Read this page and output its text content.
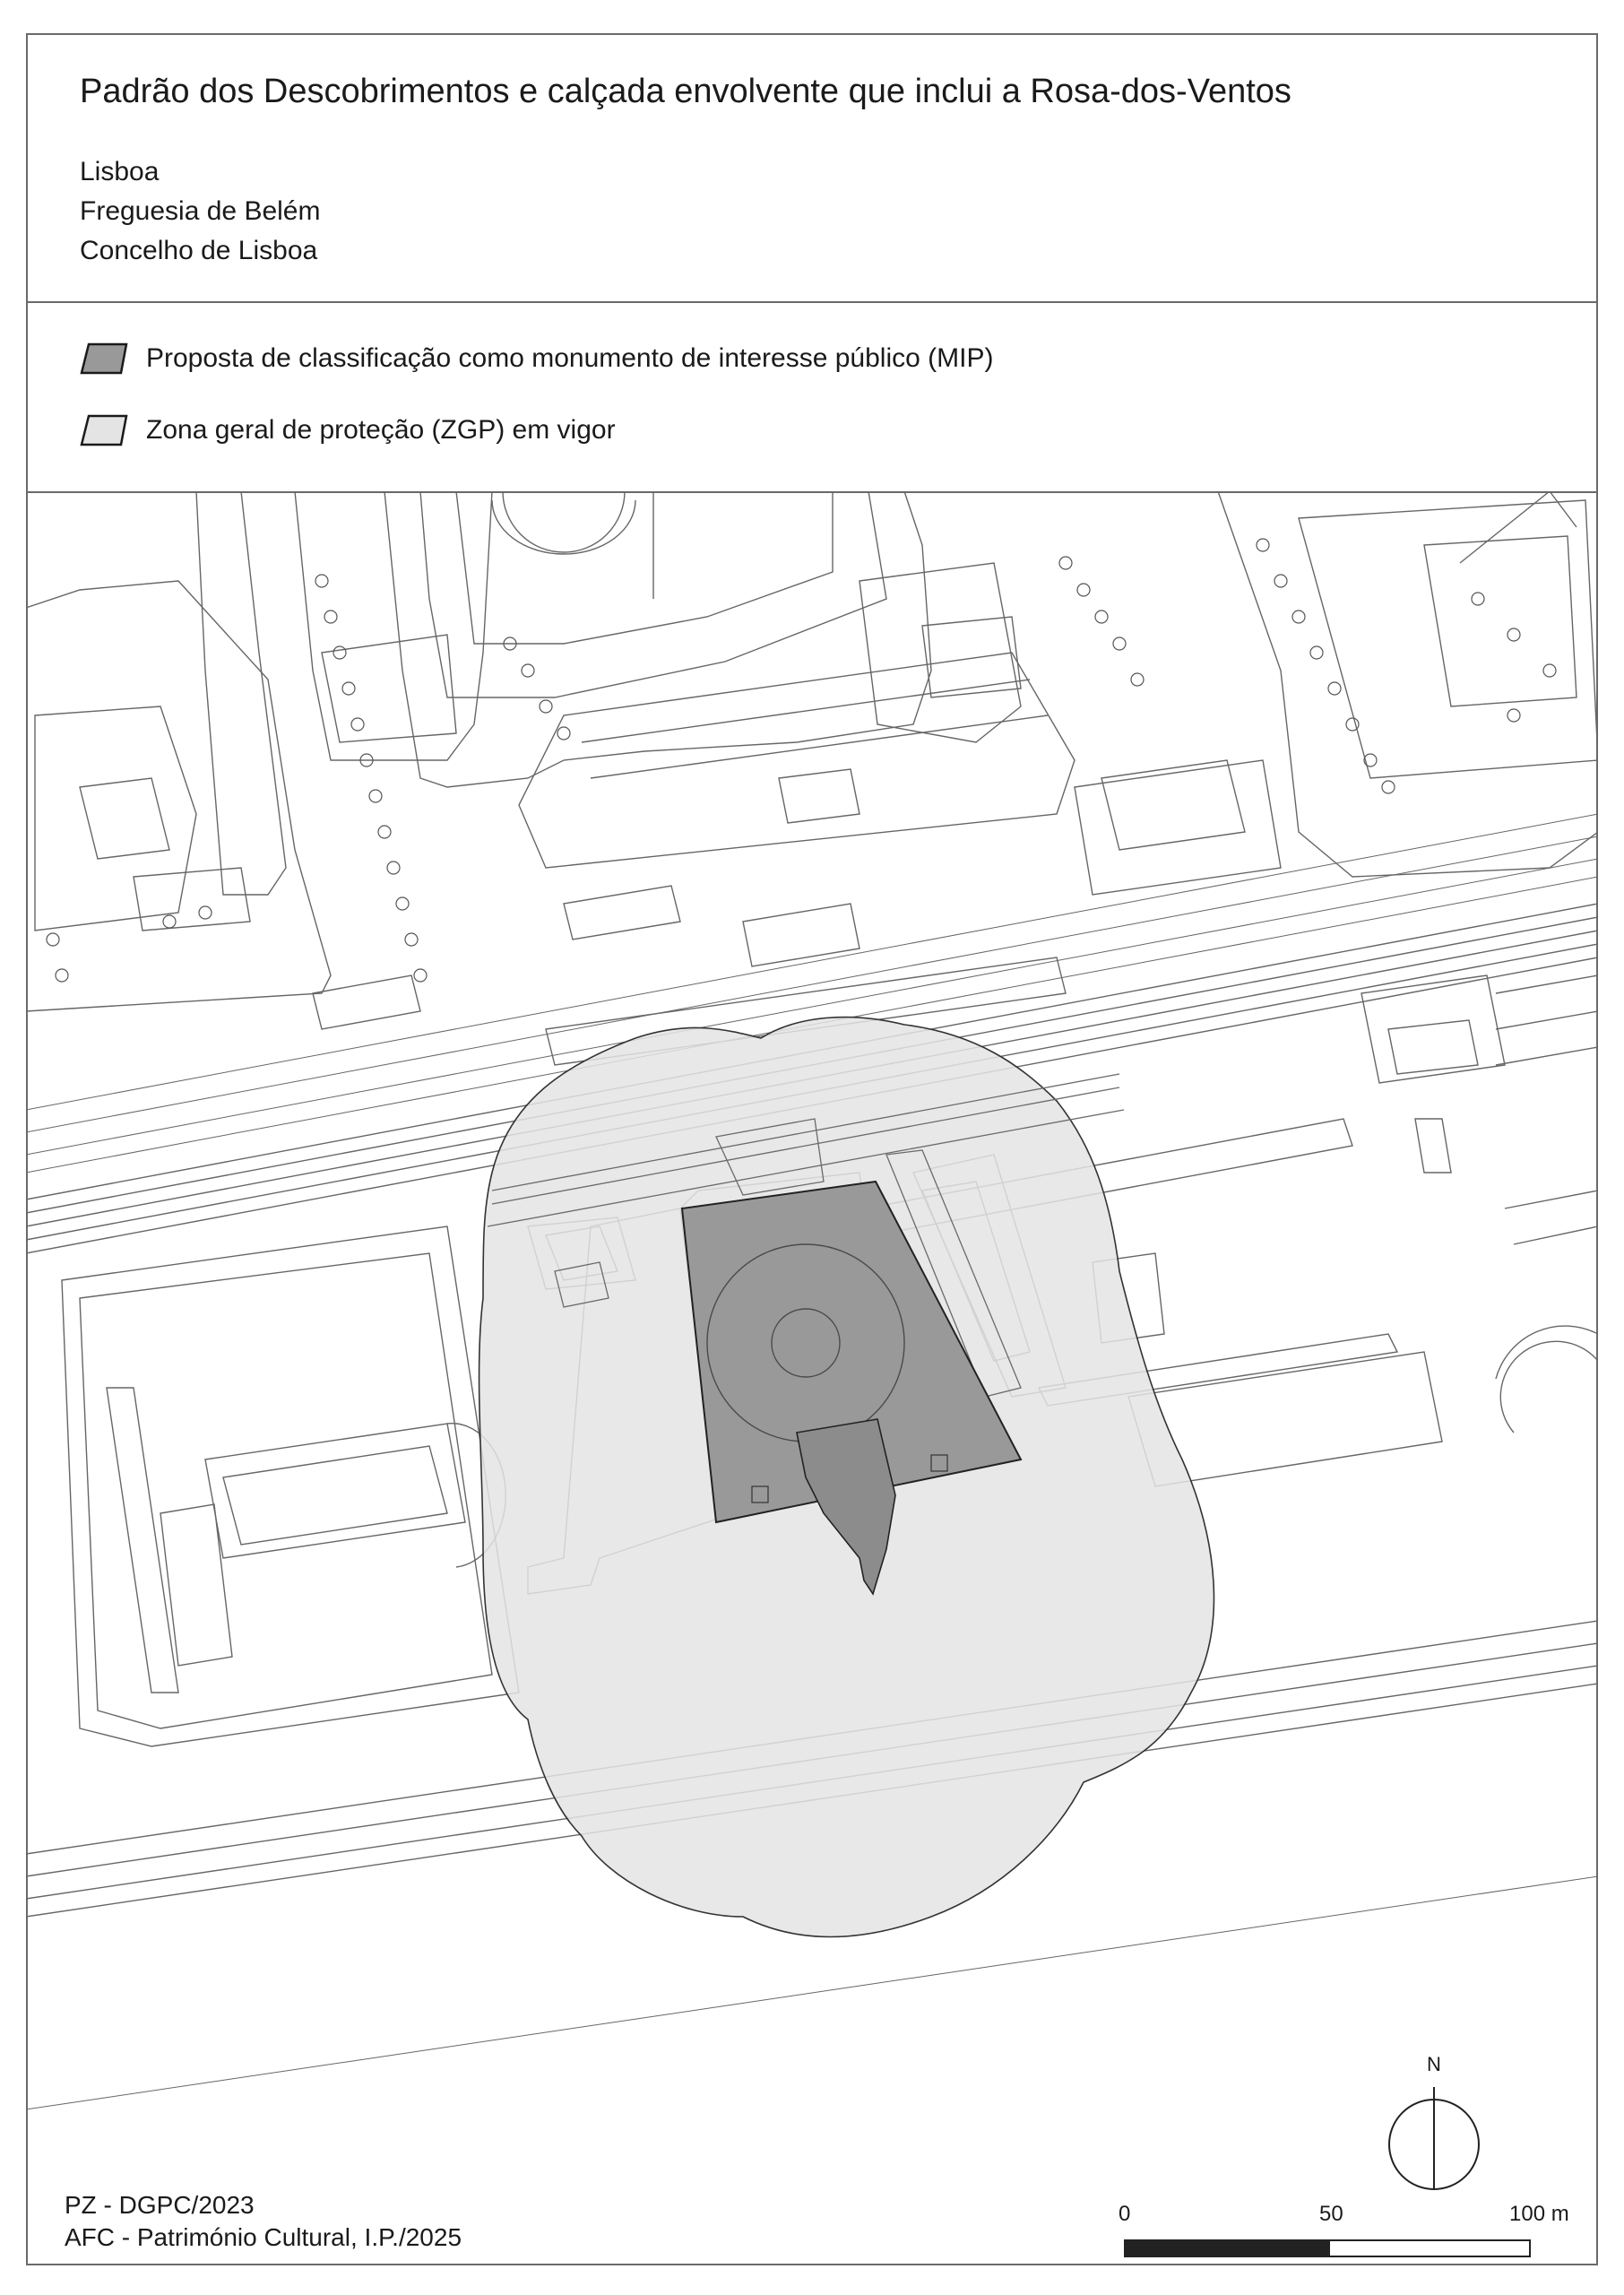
Padrão dos Descobrimentos e calçada envolvente que inclui a Rosa-dos-Ventos
Lisboa
Freguesia de Belém
Concelho de Lisboa
Proposta de classificação como monumento de interesse público (MIP)
Zona geral de proteção (ZGP) em vigor
N
PZ - DGPC/2023
AFC - Património Cultural, I.P./2025
0	50	100 m
